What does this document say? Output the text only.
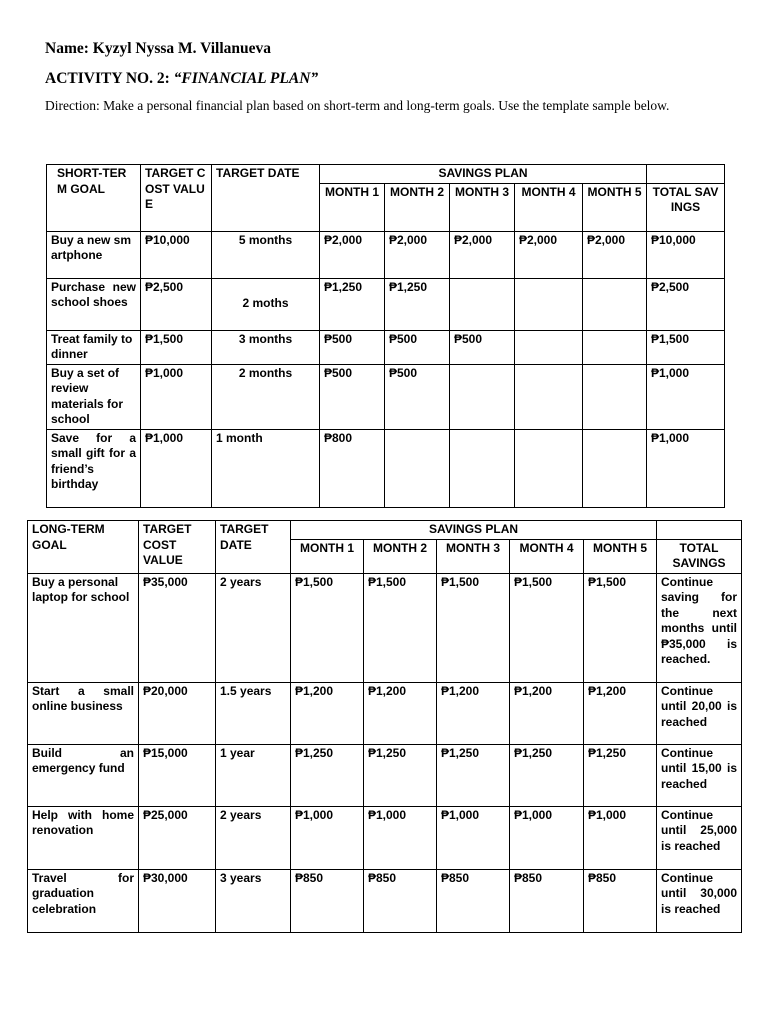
Name: Kyzyl Nyssa M. Villanueva
ACTIVITY NO. 2: “FINANCIAL PLAN”
Direction: Make a personal financial plan based on short-term and long-term goals. Use the template sample below.
SHORT-TERM GOAL	TARGET COST VALUE	TARGET DATE	SAVINGS PLAN					
			MONTH 1	MONTH 2	MONTH 3	MONTH 4	MONTH 5	TOTAL SAVINGS
Buy a new smartphone	₱10,000	5 months	₱2,000	₱2,000	₱2,000	₱2,000	₱2,000	₱10,000
Purchase new school shoes	₱2,500	2 moths	₱1,250	₱1,250				₱2,500
Treat family to dinner	₱1,500	3 months	₱500	₱500	₱500			₱1,500
Buy a set of review materials for school	₱1,000	2 months	₱500	₱500				₱1,000
Save for a small gift for a friend’s birthday	₱1,000	1 month	₱800					₱1,000
LONG-TERM GOAL	TARGET COST VALUE	TARGET DATE	SAVINGS PLAN					
			MONTH 1	MONTH 2	MONTH 3	MONTH 4	MONTH 5	TOTAL SAVINGS
Buy a personal laptop for school	₱35,000	2 years	₱1,500	₱1,500	₱1,500	₱1,500	₱1,500	Continue saving for the next months until ₱35,000 is reached.
Start a small online business	₱20,000	1.5 years	₱1,200	₱1,200	₱1,200	₱1,200	₱1,200	Continue until 20,00 is reached
Build an emergency fund	₱15,000	1 year	₱1,250	₱1,250	₱1,250	₱1,250	₱1,250	Continue until 15,00 is reached
Help with home renovation	₱25,000	2 years	₱1,000	₱1,000	₱1,000	₱1,000	₱1,000	Continue until 25,000 is reached
Travel for graduation celebration	₱30,000	3 years	₱850	₱850	₱850	₱850	₱850	Continue until 30,000 is reached
